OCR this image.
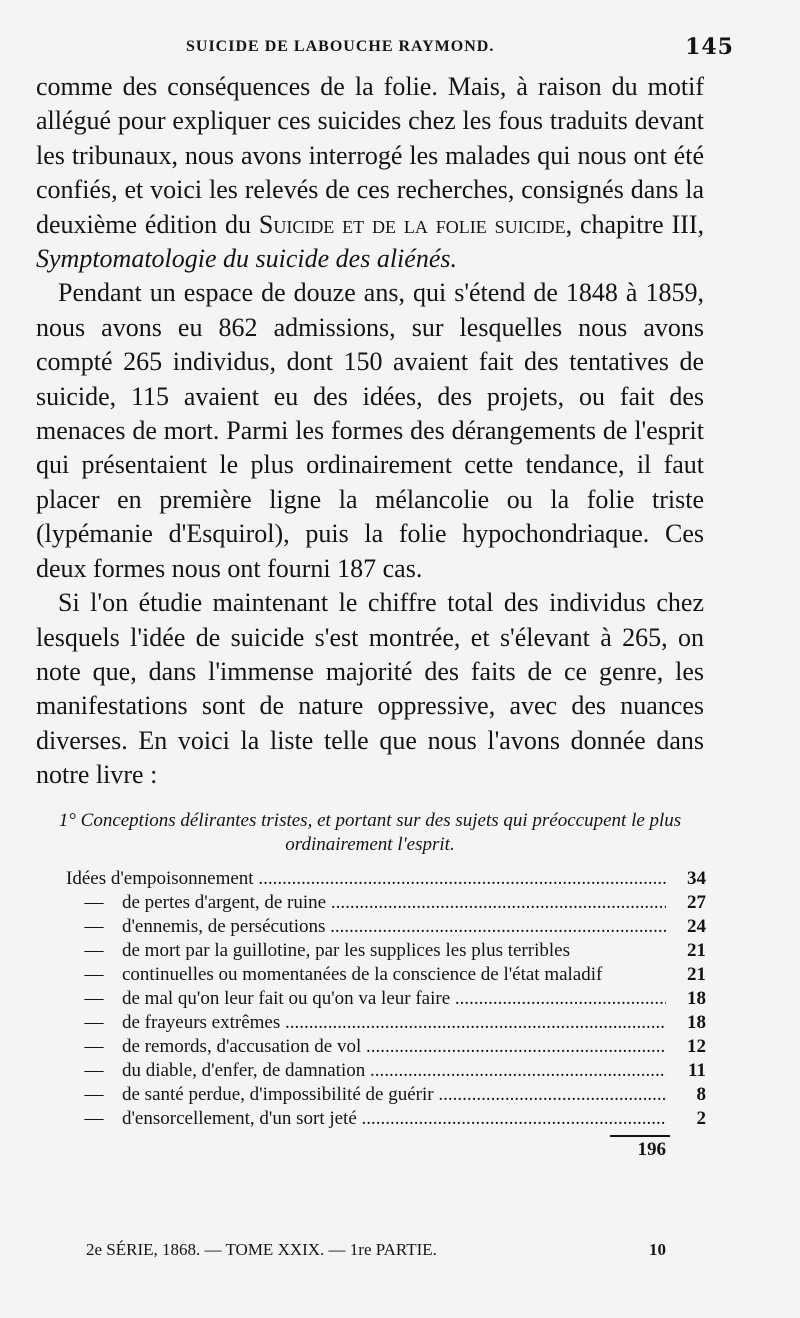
SUICIDE DE LABOUCHE RAYMOND.	145

comme des conséquences de la folie. Mais, à raison du motif allégué pour expliquer ces suicides chez les fous traduits devant les tribunaux, nous avons interrogé les malades qui nous ont été confiés, et voici les relevés de ces recherches, consignés dans la deuxième édition du Suicide et de la folie suicide, chapitre III, Symptomatologie du suicide des aliénés.

Pendant un espace de douze ans, qui s'étend de 1848 à 1859, nous avons eu 862 admissions, sur lesquelles nous avons compté 265 individus, dont 150 avaient fait des tentatives de suicide, 115 avaient eu des idées, des projets, ou fait des menaces de mort. Parmi les formes des dérangements de l'esprit qui présentaient le plus ordinairement cette tendance, il faut placer en première ligne la mélancolie ou la folie triste (lypémanie d'Esquirol), puis la folie hypochondriaque. Ces deux formes nous ont fourni 187 cas.

Si l'on étudie maintenant le chiffre total des individus chez lesquels l'idée de suicide s'est montrée, et s'élevant à 265, on note que, dans l'immense majorité des faits de ce genre, les manifestations sont de nature oppressive, avec des nuances diverses. En voici la liste telle que nous l'avons donnée dans notre livre :

1° Conceptions délirantes tristes, et portant sur des sujets qui préoccupent le plus ordinairement l'esprit.
Idées d'empoisonnement .....	34
— de pertes d'argent, de ruine .....	27
— d'ennemis, de persécutions .....	24
— de mort par la guillotine, par les supplices les plus terribles	21
— continuelles ou momentanées de la conscience de l'état maladif	21
— de mal qu'on leur fait ou qu'on va leur faire .....	18
— de frayeurs extrêmes .....	18
— de remords, d'accusation de vol .....	12
— du diable, d'enfer, de damnation .....	11
— de santé perdue, d'impossibilité de guérir .....	8
— d'ensorcellement, d'un sort jeté .....	2
196
2e SÉRIE, 1868. — TOME XXIX. — 1re PARTIE.	10
